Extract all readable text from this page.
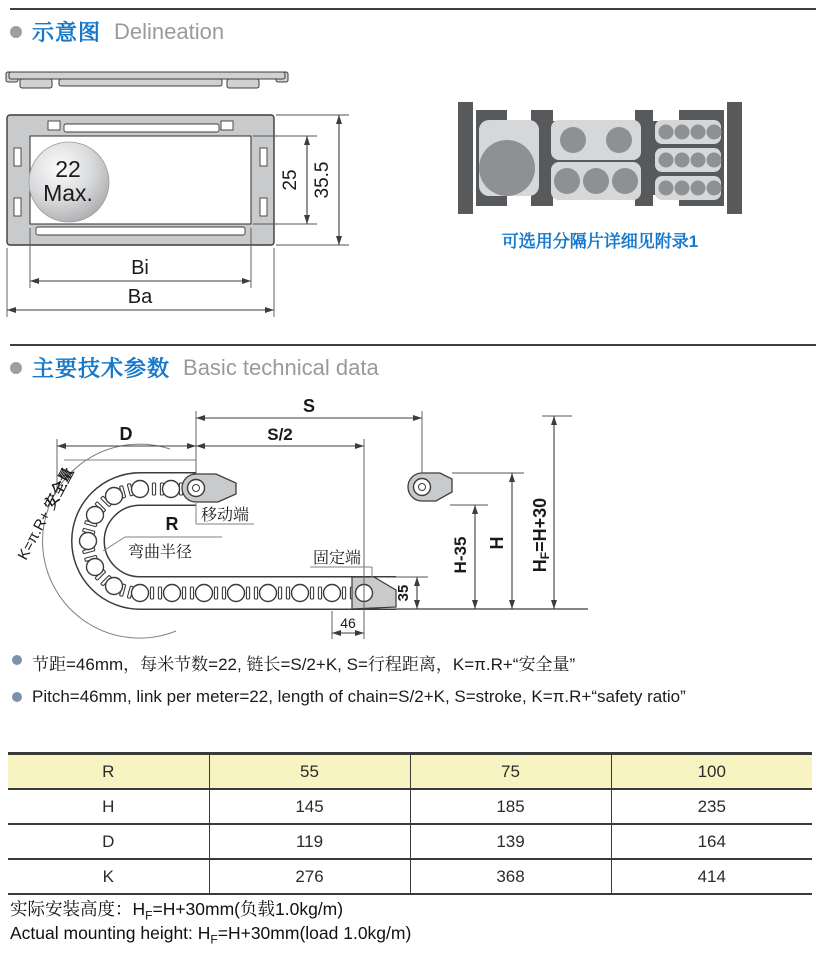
示意图 Delineation
22
Max.	25 35.5
Bi
Ba
可选用分隔片详细见附录1
主要技术参数 Basic technical data
S
S/2
D
K=π.R+ 安全量
R
弯曲半径
移动端
固定端
35
H-35 H
HF=H+30
46
节距=46mm，每米节数=22, 链长=S/2+K, S=行程距离，K=π.R+“安全量”
Pitch=46mm, link per meter=22, length of chain=S/2+K, S=stroke, K=π.R+“safety ratio”
R	55	75	100
H	145	185	235
D	119	139	164
K	276	368	414
实际安装高度：$H_F=H+30mm$(负载1.0kg/m)
Actual mounting height: $H_F=H+30mm(load$ 1.0kg/m)
